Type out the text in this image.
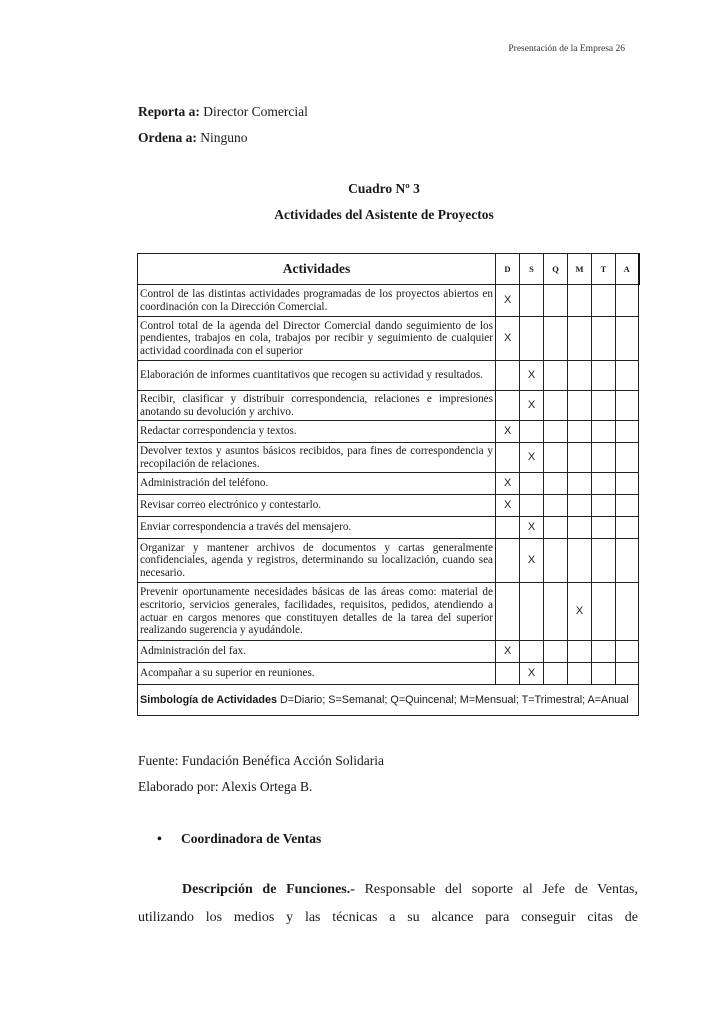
Presentación de la Empresa 26
Reporta a: Director Comercial
Ordena a: Ninguno
Cuadro Nº 3
Actividades del Asistente de Proyectos
Actividades	D	S	Q	M	T	A
Control de las distintas actividades programadas de los proyectos abiertos en coordinación con la Dirección Comercial.	X					
Control total de la agenda del Director Comercial dando seguimiento de los pendientes, trabajos en cola, trabajos por recibir y seguimiento de cualquier actividad coordinada con el superior	X					
Elaboración de informes cuantitativos que recogen su actividad y resultados.		X				
Recibir, clasificar y distribuir correspondencia, relaciones e impresiones anotando su devolución y archivo.		X				
Redactar correspondencia y textos.	X					
Devolver textos y asuntos básicos recibidos, para fines de correspondencia y recopilación de relaciones.		X				
Administración del teléfono.	X					
Revisar correo electrónico y contestarlo.	X					
Enviar correspondencia a través del mensajero.		X				
Organizar y mantener archivos de documentos y cartas generalmente confidenciales, agenda y registros, determinando su localización, cuando sea necesario.		X				
Prevenir oportunamente necesidades básicas de las áreas como: material de escritorio, servicios generales, facilidades, requisitos, pedidos, atendiendo a actuar en cargos menores que constituyen detalles de la tarea del superior realizando sugerencia y ayudándole.				X		
Administración del fax.	X					
Acompañar a su superior en reuniones.		X				
Simbología de Actividades D=Diario; S=Semanal; Q=Quincenal; M=Mensual; T=Trimestral; A=Anual						
Fuente: Fundación Benéfica Acción Solidaria
Elaborado por: Alexis Ortega B.
• Coordinadora de Ventas
Descripción de Funciones.- Responsable del soporte al Jefe de Ventas, utilizando los medios y las técnicas a su alcance para conseguir citas de
